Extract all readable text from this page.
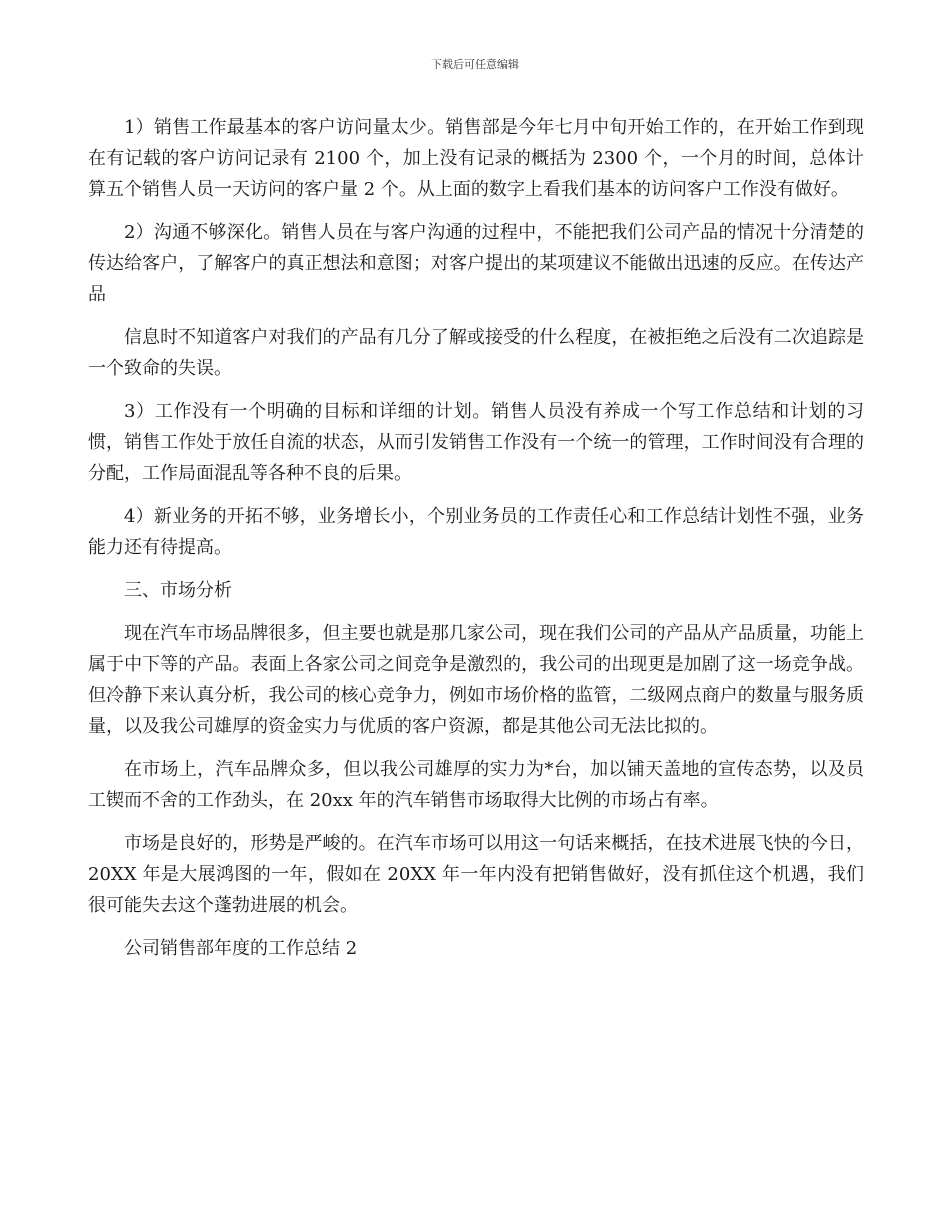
下载后可任意编辑

1）销售工作最基本的客户访问量太少。销售部是今年七月中旬开始工作的，在开始工作到现在有记载的客户访问记录有 2100 个，加上没有记录的概括为 2300 个，一个月的时间，总体计算五个销售人员一天访问的客户量 2 个。从上面的数字上看我们基本的访问客户工作没有做好。

2）沟通不够深化。销售人员在与客户沟通的过程中，不能把我们公司产品的情况十分清楚的传达给客户，了解客户的真正想法和意图；对客户提出的某项建议不能做出迅速的反应。在传达产品

信息时不知道客户对我们的产品有几分了解或接受的什么程度，在被拒绝之后没有二次追踪是一个致命的失误。

3）工作没有一个明确的目标和详细的计划。销售人员没有养成一个写工作总结和计划的习惯，销售工作处于放任自流的状态，从而引发销售工作没有一个统一的管理，工作时间没有合理的分配，工作局面混乱等各种不良的后果。

4）新业务的开拓不够，业务增长小，个别业务员的工作责任心和工作总结计划性不强，业务能力还有待提高。

三、市场分析

现在汽车市场品牌很多，但主要也就是那几家公司，现在我们公司的产品从产品质量，功能上属于中下等的产品。表面上各家公司之间竞争是激烈的，我公司的出现更是加剧了这一场竞争战。但冷静下来认真分析，我公司的核心竞争力，例如市场价格的监管，二级网点商户的数量与服务质量，以及我公司雄厚的资金实力与优质的客户资源，都是其他公司无法比拟的。

在市场上，汽车品牌众多，但以我公司雄厚的实力为*台，加以铺天盖地的宣传态势，以及员工锲而不舍的工作劲头，在 20xx 年的汽车销售市场取得大比例的市场占有率。

市场是良好的，形势是严峻的。在汽车市场可以用这一句话来概括，在技术进展飞快的今日，20XX 年是大展鸿图的一年，假如在 20XX 年一年内没有把销售做好，没有抓住这个机遇，我们很可能失去这个蓬勃进展的机会。

公司销售部年度的工作总结 2
